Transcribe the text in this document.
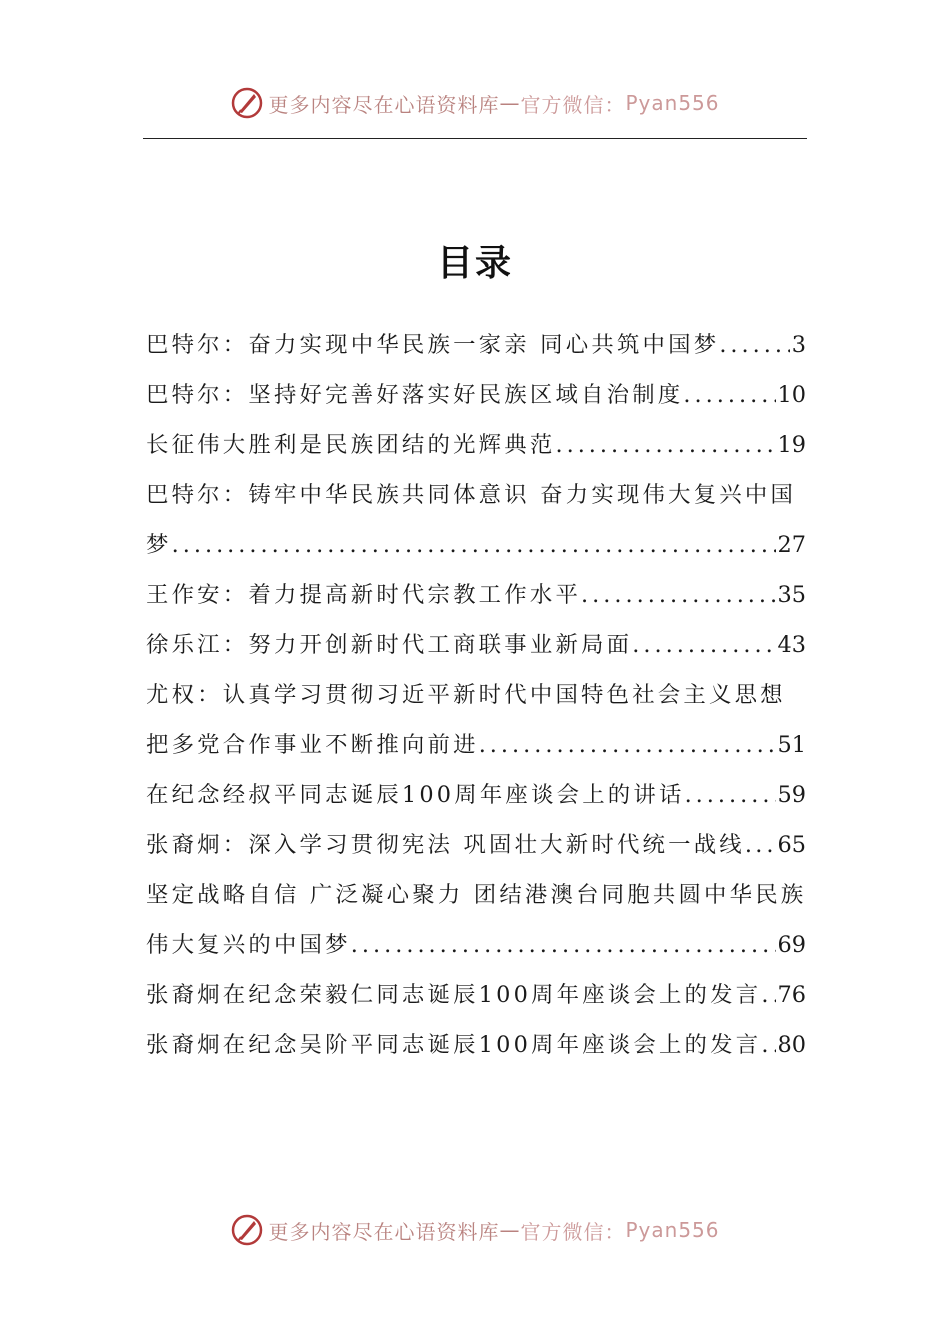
更多内容尽在心语资料库 — 官方微信： Pyan556
目录
巴特尔：奋力实现中华民族一家亲 同心共筑中国梦 .....	3
巴特尔：坚持好完善好落实好民族区域自治制度 .....	10
长征伟大胜利是民族团结的光辉典范 .....	19
巴特尔：铸牢中华民族共同体意识 奋力实现伟大复兴中国
梦 .....	27
王作安：着力提高新时代宗教工作水平 .....	35
徐乐江：努力开创新时代工商联事业新局面 .....	43
尤权：认真学习贯彻习近平新时代中国特色社会主义思想
把多党合作事业不断推向前进 .....	51
在纪念经叔平同志诞辰100周年座谈会上的讲话 .....	59
张裔炯：深入学习贯彻宪法 巩固壮大新时代统一战线. ..... 65
坚定战略自信 广泛凝心聚力 团结港澳台同胞共圆中华民族
伟大复兴的中国梦 .....	69
张裔炯在纪念荣毅仁同志诞辰100周年座谈会上的发言 ..... 76
张裔炯在纪念吴阶平同志诞辰100周年座谈会上的发言 ..... 80
更多内容尽在心语资料库 — 官方微信： Pyan556
